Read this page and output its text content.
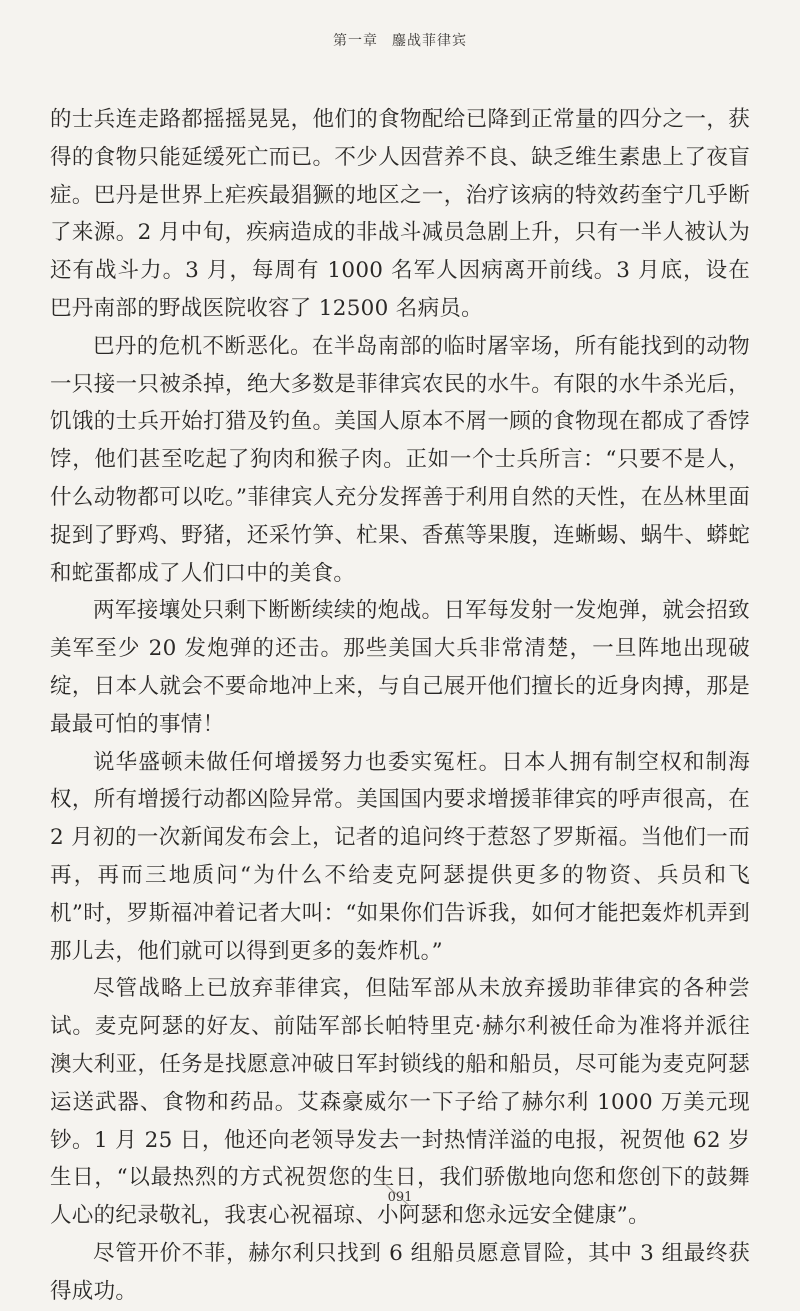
第一章 鏖战菲律宾

的士兵连走路都摇摇晃晃，他们的食物配给已降到正常量的四分之一，获得的食物只能延缓死亡而已。不少人因营养不良、缺乏维生素患上了夜盲症。巴丹是世界上疟疾最猖獗的地区之一，治疗该病的特效药奎宁几乎断了来源。2 月中旬，疾病造成的非战斗减员急剧上升，只有一半人被认为还有战斗力。3 月，每周有 1000 名军人因病离开前线。3 月底，设在巴丹南部的野战医院收容了 12500 名病员。

巴丹的危机不断恶化。在半岛南部的临时屠宰场，所有能找到的动物一只接一只被杀掉，绝大多数是菲律宾农民的水牛。有限的水牛杀光后，饥饿的士兵开始打猎及钓鱼。美国人原本不屑一顾的食物现在都成了香饽饽，他们甚至吃起了狗肉和猴子肉。正如一个士兵所言：“只要不是人，什么动物都可以吃。”菲律宾人充分发挥善于利用自然的天性，在丛林里面捉到了野鸡、野猪，还采竹笋、杧果、香蕉等果腹，连蜥蜴、蜗牛、蟒蛇和蛇蛋都成了人们口中的美食。

两军接壤处只剩下断断续续的炮战。日军每发射一发炮弹，就会招致美军至少 20 发炮弹的还击。那些美国大兵非常清楚，一旦阵地出现破绽，日本人就会不要命地冲上来，与自己展开他们擅长的近身肉搏，那是最最可怕的事情！

说华盛顿未做任何增援努力也委实冤枉。日本人拥有制空权和制海权，所有增援行动都凶险异常。美国国内要求增援菲律宾的呼声很高，在 2 月初的一次新闻发布会上，记者的追问终于惹怒了罗斯福。当他们一而再，再而三地质问“为什么不给麦克阿瑟提供更多的物资、兵员和飞机”时，罗斯福冲着记者大叫：“如果你们告诉我，如何才能把轰炸机弄到那儿去，他们就可以得到更多的轰炸机。”

尽管战略上已放弃菲律宾，但陆军部从未放弃援助菲律宾的各种尝试。麦克阿瑟的好友、前陆军部长帕特里克·赫尔利被任命为准将并派往澳大利亚，任务是找愿意冲破日军封锁线的船和船员，尽可能为麦克阿瑟运送武器、食物和药品。艾森豪威尔一下子给了赫尔利 1000 万美元现钞。1 月 25 日，他还向老领导发去一封热情洋溢的电报，祝贺他 62 岁生日，“以最热烈的方式祝贺您的生日，我们骄傲地向您和您创下的鼓舞人心的纪录敬礼，我衷心祝福琼、小阿瑟和您永远安全健康”。

尽管开价不菲，赫尔利只找到 6 组船员愿意冒险，其中 3 组最终获得成功。

091
